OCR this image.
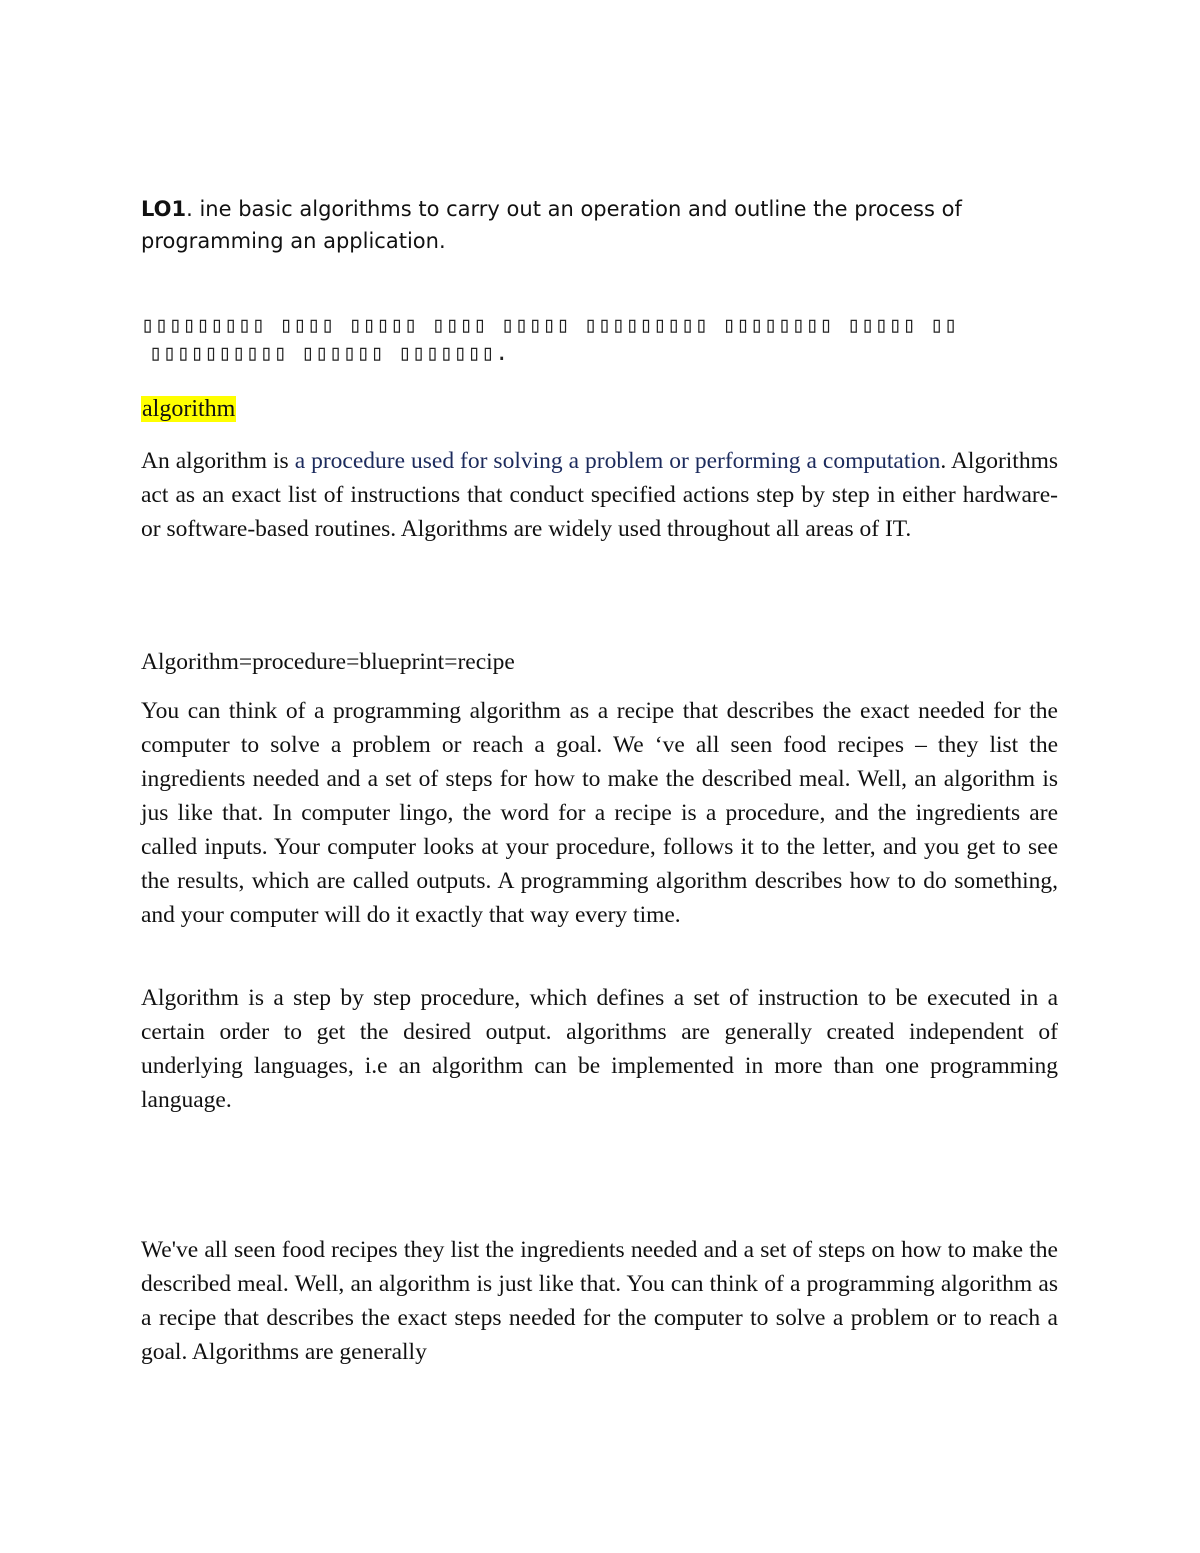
LO1. ine basic algorithms to carry out an operation and outline the process of programming an application.
▯▯▯▯▯▯▯▯▯ ▯▯▯▯ ▯▯▯▯▯ ▯▯▯▯ ▯▯▯▯▯ ▯▯▯▯▯▯▯▯▯ ▯▯▯▯▯▯▯▯ ▯▯▯▯▯ ▯▯
▯▯▯▯▯▯▯▯▯▯ ▯▯▯▯▯▯ ▯▯▯▯▯▯▯.
algorithm
An algorithm is a procedure used for solving a problem or performing a computation. Algorithms act as an exact list of instructions that conduct specified actions step by step in either hardware- or software-based routines. Algorithms are widely used throughout all areas of IT.
Algorithm=procedure=blueprint=recipe
You can think of a programming algorithm as a recipe that describes the exact needed for the computer to solve a problem or reach a goal. We ‘ve all seen food recipes – they list the ingredients needed and a set of steps for how to make the described meal. Well, an algorithm is jus like that. In computer lingo, the word for a recipe is a procedure, and the ingredients are called inputs. Your computer looks at your procedure, follows it to the letter, and you get to see the results, which are called outputs. A programming algorithm describes how to do something, and your computer will do it exactly that way every time.
Algorithm is a step by step procedure, which defines a set of instruction to be executed in a certain order to get the desired output. algorithms are generally created independent of underlying languages, i.e an algorithm can be implemented in more than one programming language.
We've all seen food recipes they list the ingredients needed and a set of steps on how to make the described meal. Well, an algorithm is just like that. You can think of a programming algorithm as a recipe that describes the exact steps needed for the computer to solve a problem or to reach a goal. Algorithms are generally
